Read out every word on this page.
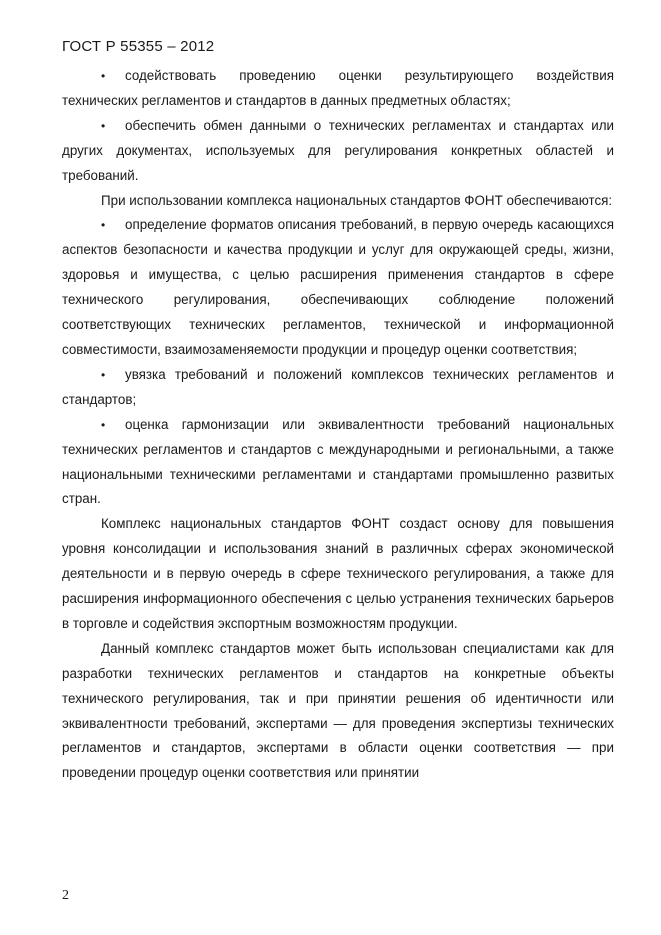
ГОСТ Р 55355 – 2012

• содействовать проведению оценки результирующего воздействия технических регламентов и стандартов в данных предметных областях;

• обеспечить обмен данными о технических регламентах и стандартах или других документах, используемых для регулирования конкретных областей и требований.

При использовании комплекса национальных стандартов ФОНТ обеспечиваются:

• определение форматов описания требований, в первую очередь касающихся аспектов безопасности и качества продукции и услуг для окружающей среды, жизни, здоровья и имущества, с целью расширения применения стандартов в сфере технического регулирования, обеспечивающих соблюдение положений соответствующих технических регламентов, технической и информационной совместимости, взаимозаменяемости продукции и процедур оценки соответствия;

• увязка требований и положений комплексов технических регламентов и стандартов;

• оценка гармонизации или эквивалентности требований национальных технических регламентов и стандартов с международными и региональными, а также национальными техническими регламентами и стандартами промышленно развитых стран.

Комплекс национальных стандартов ФОНТ создаст основу для повышения уровня консолидации и использования знаний в различных сферах экономической деятельности и в первую очередь в сфере технического регулирования, а также для расширения информационного обеспечения с целью устранения технических барьеров в торговле и содействия экспортным возможностям продукции.

Данный комплекс стандартов может быть использован специалистами как для разработки технических регламентов и стандартов на конкретные объекты технического регулирования, так и при принятии решения об идентичности или эквивалентности требований, экспертами — для проведения экспертизы технических регламентов и стандартов, экспертами в области оценки соответствия — при проведении процедур оценки соответствия или принятии

2
